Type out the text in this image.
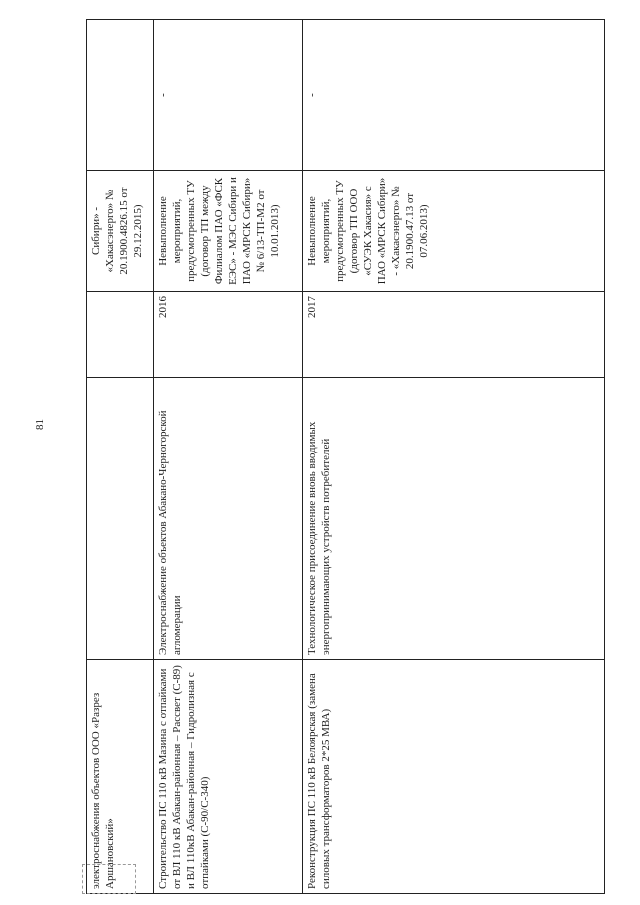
81
электроснабжения объектов ООО «Разрез Аршановский»			Сибири» - «Хакасэнерго» № 20.1900.4826.15 от 29.12.2015)	
Строительство ПС 110 кВ Мазина с отпайками от ВЛ 110 кВ Абакан-районная – Рассвет (С-89) и ВЛ 110кВ Абакан-районная – Гидролизная с отпайками (С-90/С-340)	Электроснабжение объектов Абакано-Черногорской агломерации	2016	Невыполнение мероприятий, предусмотренных ТУ (договор ТП между Филиалом ПАО «ФСК ЕЭС» - МЭС Сибири и ПАО «МРСК Сибири» № 6/13-ТП-М2 от 10.01.2013)	-
Реконструкция ПС 110 кВ Белоярская (замена силовых трансформаторов 2*25 МВА)	Технологическое присоединение вновь вводимых энергопринимающих устройств потребителей	2017	Невыполнение мероприятий, предусмотренных ТУ (договор ТП ООО «СУЭК Хакасия» с ПАО «МРСК Сибири» - «Хакасэнерго» № 20.1900.47.13 от 07.06.2013)	-
